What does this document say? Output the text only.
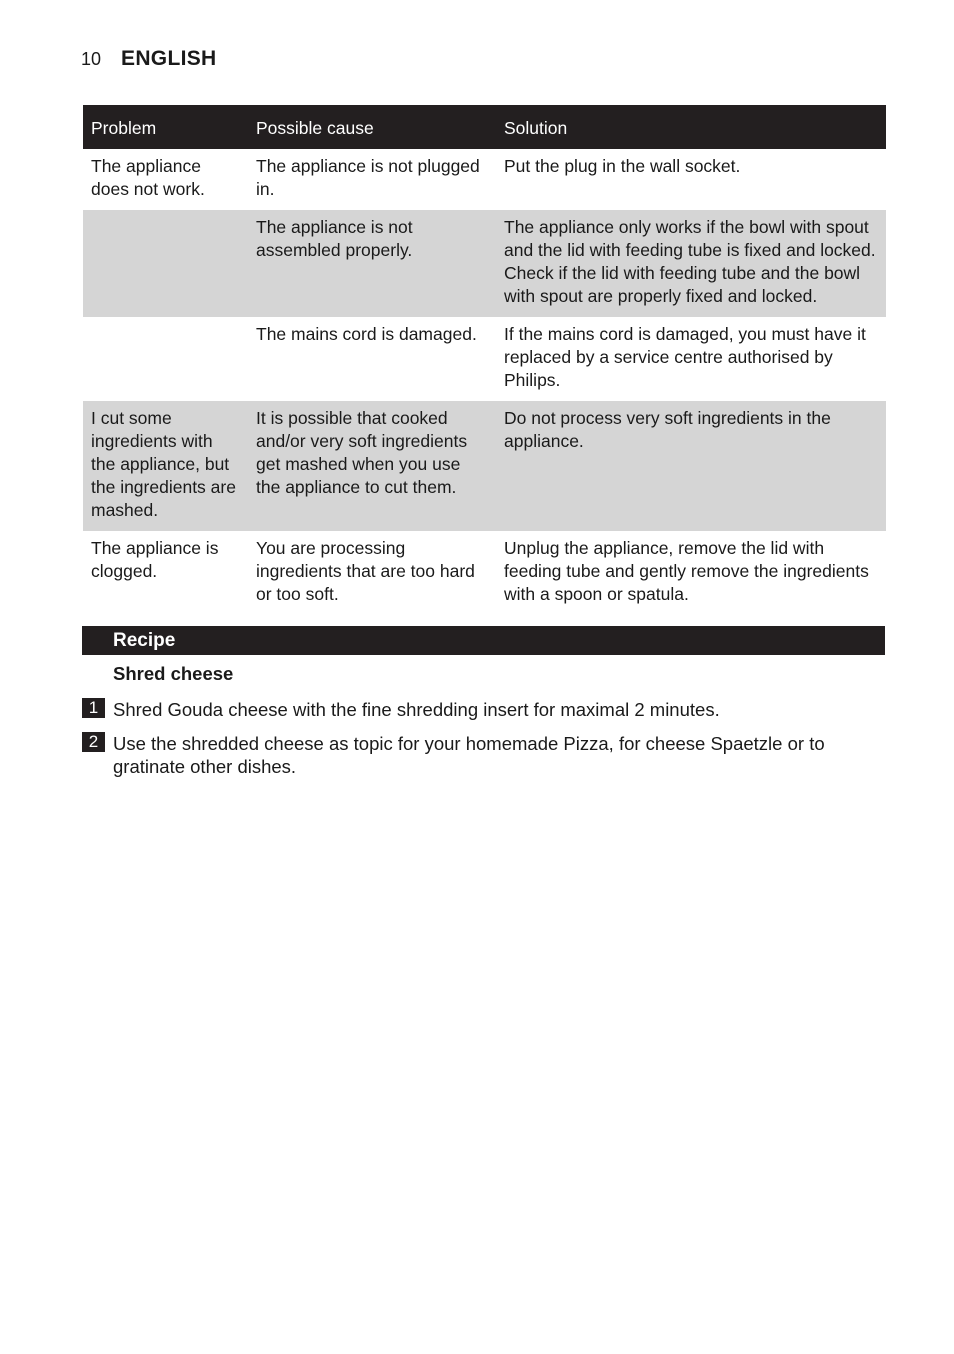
10 ENGLISH
Problem	Possible cause	Solution
The appliance does not work.	The appliance is not plugged in.	Put the plug in the wall socket.
	The appliance is not assembled properly.	The appliance only works if the bowl with spout and the lid with feeding tube is fixed and locked. Check if the lid with feeding tube and the bowl with spout are properly fixed and locked.
	The mains cord is damaged.	If the mains cord is damaged, you must have it replaced by a service centre authorised by Philips.
I cut some ingredients with the appliance, but the ingredients are mashed.	It is possible that cooked and/or very soft ingredients get mashed when you use the appliance to cut them.	Do not process very soft ingredients in the appliance.
The appliance is clogged.	You are processing ingredients that are too hard or too soft.	Unplug the appliance, remove the lid with feeding tube and gently remove the ingredients with a spoon or spatula.
Recipe
Shred cheese
1 Shred Gouda cheese with the fine shredding insert for maximal 2 minutes.
2 Use the shredded cheese as topic for your homemade Pizza, for cheese Spaetzle or to gratinate other dishes.
